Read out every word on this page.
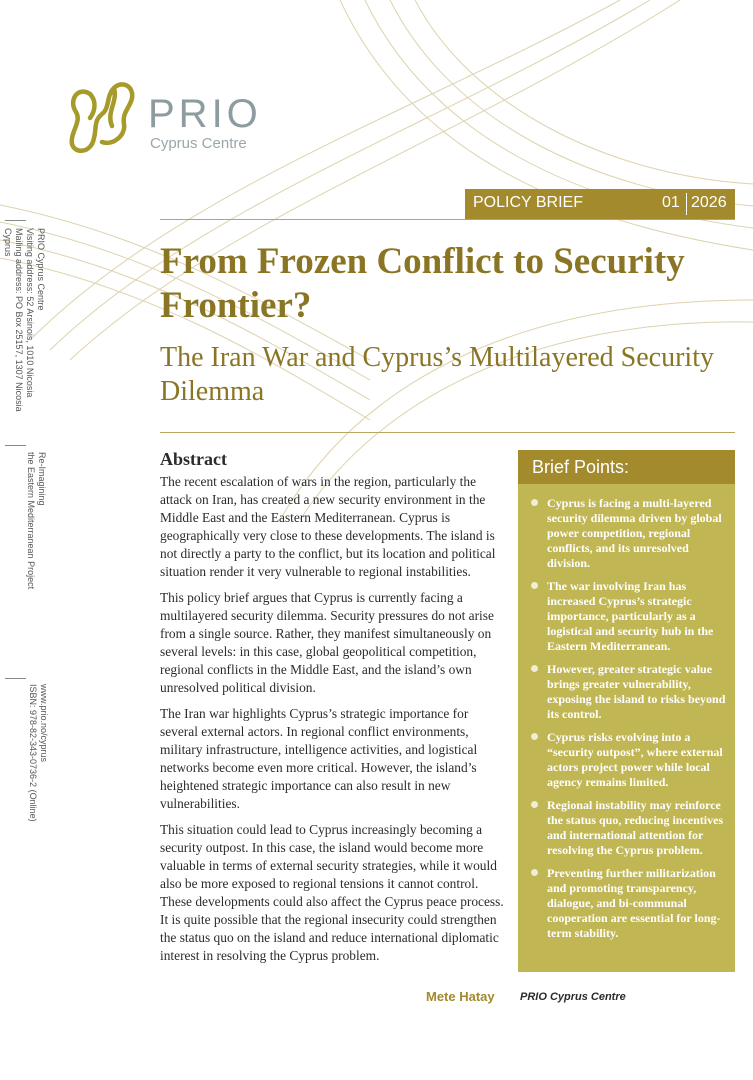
PRIO
Cyprus Centre
POLICY BRIEF	01 2026
From Frozen Conflict to Security Frontier?
The Iran War and Cyprus’s Multilayered Security Dilemma
PRIO Cyprus Centre
Visiting address: 52 Arsinois, 1010 Nicosia
Mailing address: PO Box 25157, 1307 Nicosia
Cyprus
Re-Imagining
the Eastern Mediterranean Project
www.prio.no/cyprus
ISBN: 978-82-343-0736-2 (Online)
Abstract

The recent escalation of wars in the region, particularly the attack on Iran, has created a new security environment in the Middle East and the Eastern Mediterranean. Cyprus is geographically very close to these developments. The island is not directly a party to the conflict, but its location and political situation render it very vulnerable to regional instabilities.

This policy brief argues that Cyprus is currently facing a multilayered security dilemma. Security pressures do not arise from a single source. Rather, they manifest simultaneously on several levels: in this case, global geopolitical competition, regional conflicts in the Middle East, and the island’s own unresolved political division.

The Iran war highlights Cyprus’s strategic importance for several external actors. In regional conflict environments, military infrastructure, intelligence activities, and logistical networks become even more critical. However, the island’s heightened strategic importance can also result in new vulnerabilities.

This situation could lead to Cyprus increasingly becoming a security outpost. In this case, the island would become more valuable in terms of external security strategies, while it would also be more exposed to regional tensions it cannot control. These developments could also affect the Cyprus peace process. It is quite possible that the regional insecurity could strengthen the status quo on the island and reduce international diplomatic interest in resolving the Cyprus problem.

Brief Points:
Cyprus is facing a multi-layered security dilemma driven by global power competition, regional conflicts, and its unresolved division.
The war involving Iran has increased Cyprus’s strategic importance, particularly as a logistical and security hub in the Eastern Mediterranean.
However, greater strategic value brings greater vulnerability, exposing the island to risks beyond its control.
Cyprus risks evolving into a “security outpost”, where external actors project power while local agency remains limited.
Regional instability may reinforce the status quo, reducing incentives and international attention for resolving the Cyprus problem.
Preventing further militarization and promoting transparency, dialogue, and bi-communal cooperation are essential for long-term stability.
Mete Hatay PRIO Cyprus Centre
